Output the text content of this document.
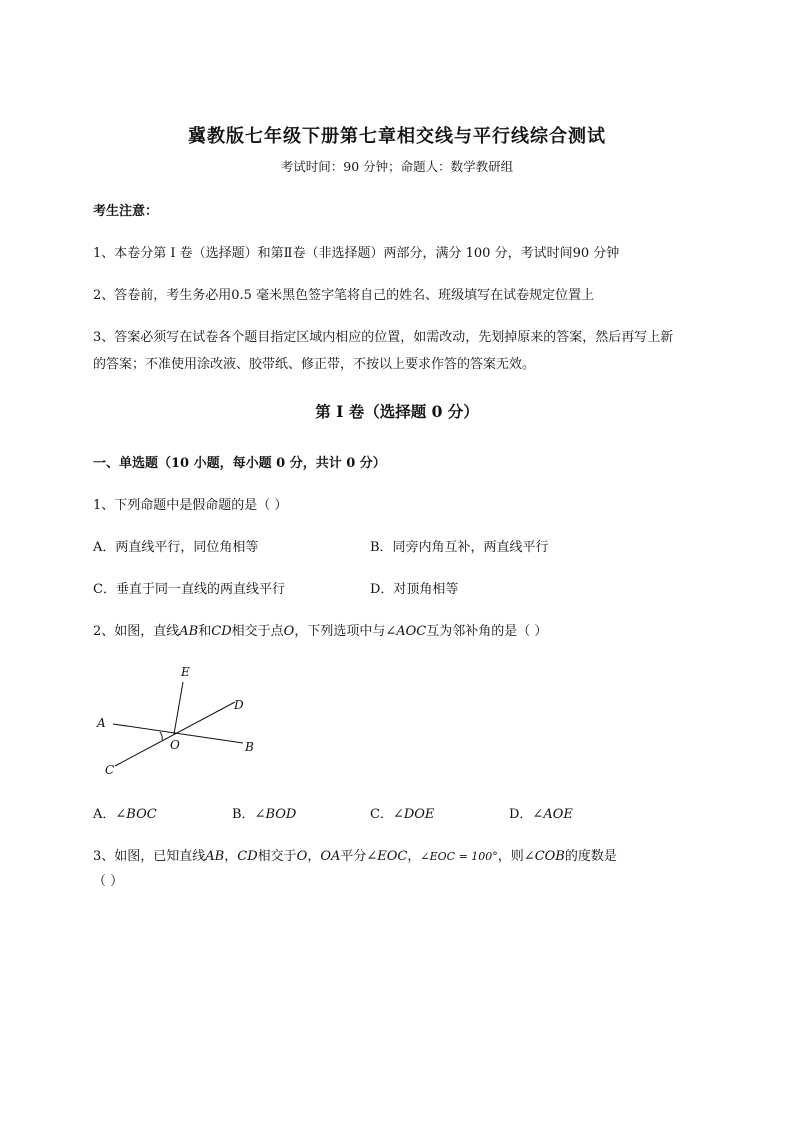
冀教版七年级下册第七章相交线与平行线综合测试
考试时间：90 分钟；命题人：数学教研组
考生注意：
1、本卷分第 I 卷（选择题）和第Ⅱ卷（非选择题）两部分，满分 100 分，考试时间90 分钟
2、答卷前，考生务必用0.5 毫米黑色签字笔将自己的姓名、班级填写在试卷规定位置上
3、答案必须写在试卷各个题目指定区域内相应的位置，如需改动，先划掉原来的答案，然后再写上新
的答案；不准使用涂改液、胶带纸、修正带，不按以上要求作答的答案无效。
第 I 卷（选择题 0 分）
一、单选题（10 小题，每小题 0 分，共计 0 分）
1、下列命题中是假命题的是（ ）
A．两直线平行，同位角相等	B．同旁内角互补，两直线平行
C．垂直于同一直线的两直线平行	D．对顶角相等
2、如图，直线AB和CD相交于点O，下列选项中与∠AOC互为邻补角的是（ ）
E
D
A
O	B
C
A．∠BOC	B．∠BOD	C．∠DOE	D．∠AOE
3、如图，已知直线AB，CD相交于O，OA平分∠EOC，∠EOC = 100°，则∠COB的度数是
（ ）
